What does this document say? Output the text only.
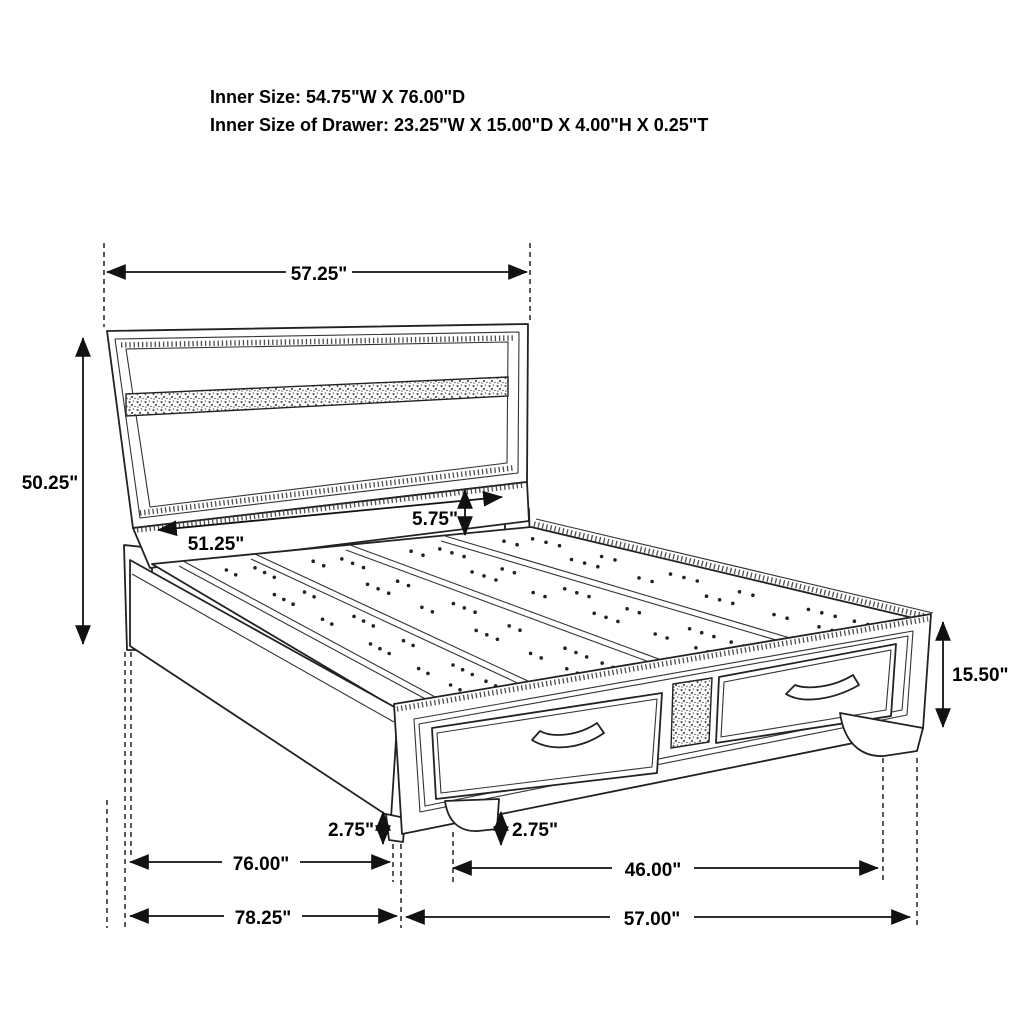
Inner Size: 54.75"W X 76.00"D
Inner Size of Drawer: 23.25"W X 15.00"D X 4.00"H X 0.25"T
57.25"
50.25"
51.25"
5.75"
15.50"
2.75"	2.75"
76.00"	46.00"
78.25"	57.00"
